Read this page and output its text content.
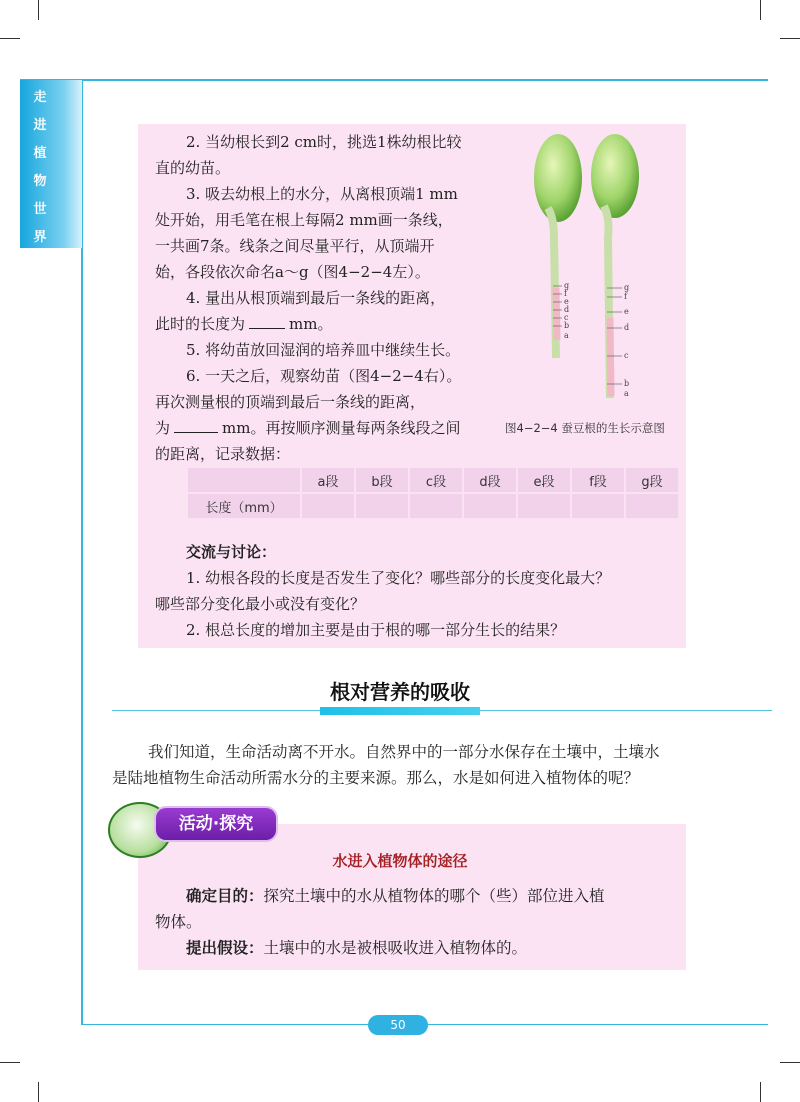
走
进
植
物
世
界
2. 当幼根长到2 cm时，挑选1株幼根比较
直的幼苗。
3. 吸去幼根上的水分，从离根顶端1 mm
处开始，用毛笔在根上每隔2 mm画一条线，
一共画7条。线条之间尽量平行，从顶端开
始，各段依次命名a～g（图4−2−4左）。
4. 量出从根顶端到最后一条线的距离，
此时的长度为	mm。
5. 将幼苗放回湿润的培养皿中继续生长。
6. 一天之后，观察幼苗（图4−2−4右）。
再次测量根的顶端到最后一条线的距离，
为	mm。再按顺序测量每两条线段之间
的距离，记录数据：
g
f
e
d
c
b
a
g
f
e
d
c
b
a
图4−2−4 蚕豆根的生长示意图
	a段	b段	c段	d段	e段	f段	g段
长度（mm）							
交流与讨论：
1. 幼根各段的长度是否发生了变化？哪些部分的长度变化最大？
哪些部分变化最小或没有变化？
2. 根总长度的增加主要是由于根的哪一部分生长的结果？
根对营养的吸收
我们知道，生命活动离不开水。自然界中的一部分水保存在土壤中，土壤水
是陆地植物生命活动所需水分的主要来源。那么，水是如何进入植物体的呢？
活动·探究
水进入植物体的途径
确定目的：探究土壤中的水从植物体的哪个（些）部位进入植
物体。
提出假设：土壤中的水是被根吸收进入植物体的。
50
